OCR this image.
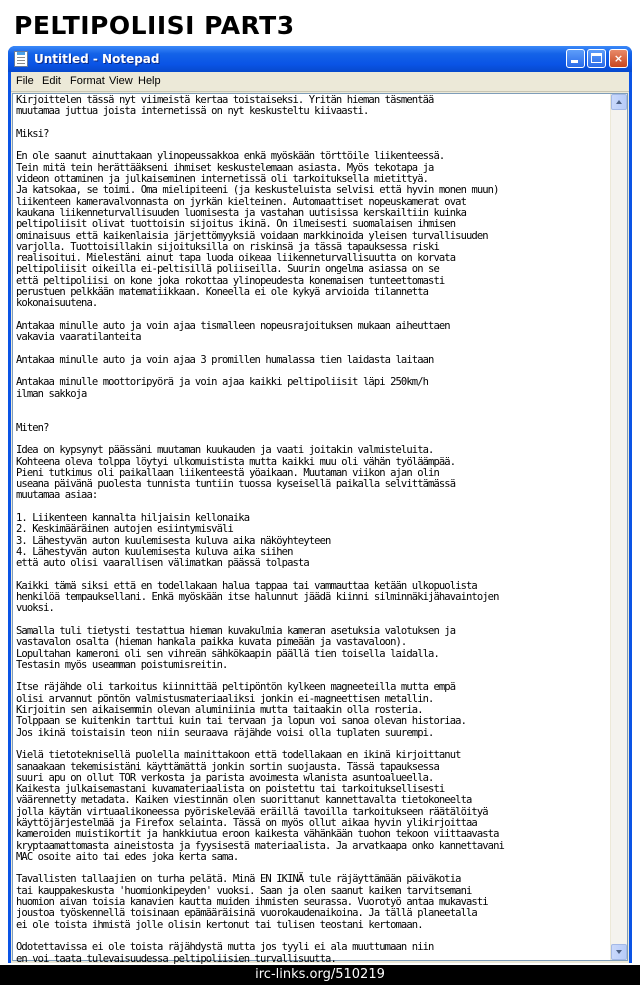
PELTIPOLIISI PART3
Untitled - Notepad	×
File Edit Format View Help
Kirjoittelen tässä nyt viimeistä kertaa toistaiseksi. Yritän hieman täsmentää
muutamaa juttua joista internetissä on nyt keskusteltu kiivaasti.
Miksi?
En ole saanut ainuttakaan ylinopeussakkoa enkä myöskään törttöile liikenteessä.
Tein mitä tein herättääkseni ihmiset keskustelemaan asiasta. Myös tekotapa ja
videon ottaminen ja julkaiseminen internetissä oli tarkoituksella mietittyä.
Ja katsokaa, se toimi. Oma mielipiteeni (ja keskusteluista selvisi että hyvin monen muun)
liikenteen kameravalvonnasta on jyrkän kielteinen. Automaattiset nopeuskamerat ovat
kaukana liikenneturvallisuuden luomisesta ja vastahan uutisissa kerskailtiin kuinka
peltipoliisit olivat tuottoisin sijoitus ikinä. On ilmeisesti suomalaisen ihmisen
ominaisuus että kaikenlaisia järjettömyyksiä voidaan markkinoida yleisen turvallisuuden
varjolla. Tuottoisillakin sijoituksilla on riskinsä ja tässä tapauksessa riski
realisoitui. Mielestäni ainut tapa luoda oikeaa liikenneturvallisuutta on korvata
peltipoliisit oikeilla ei-peltisillä poliiseilla. Suurin ongelma asiassa on se
että peltipoliisi on kone joka rokottaa ylinopeudesta konemaisen tunteettomasti
perustuen pelkkään matematiikkaan. Koneella ei ole kykyä arvioida tilannetta
kokonaisuutena.
Antakaa minulle auto ja voin ajaa tismalleen nopeusrajoituksen mukaan aiheuttaen
vakavia vaaratilanteita
Antakaa minulle auto ja voin ajaa 3 promillen humalassa tien laidasta laitaan
Antakaa minulle moottoripyörä ja voin ajaa kaikki peltipoliisit läpi 250km/h
ilman sakkoja
Miten?
Idea on kypsynyt päässäni muutaman kuukauden ja vaati joitakin valmisteluita.
Kohteena oleva tolppa löytyi ulkomuistista mutta kaikki muu oli vähän työläämpää.
Pieni tutkimus oli paikallaan liikenteestä yöaikaan. Muutaman viikon ajan olin
useana päivänä puolesta tunnista tuntiin tuossa kyseisellä paikalla selvittämässä
muutamaa asiaa:
1. Liikenteen kannalta hiljaisin kellonaika
2. Keskimääräinen autojen esiintymisväli
3. Lähestyvän auton kuulemisesta kuluva aika näköyhteyteen
4. Lähestyvän auton kuulemisesta kuluva aika siihen
että auto olisi vaarallisen välimatkan päässä tolpasta
Kaikki tämä siksi että en todellakaan halua tappaa tai vammauttaa ketään ulkopuolista
henkilöä tempauksellani. Enkä myöskään itse halunnut jäädä kiinni silminnäkijähavaintojen
vuoksi.
Samalla tuli tietysti testattua hieman kuvakulmia kameran asetuksia valotuksen ja
vastavalon osalta (hieman hankala paikka kuvata pimeään ja vastavaloon).
Lopultahan kameroni oli sen vihreän sähkökaapin päällä tien toisella laidalla.
Testasin myös useamman poistumisreitin.
Itse räjähde oli tarkoitus kiinnittää peltipöntön kylkeen magneeteilla mutta empä
olisi arvannut pöntön valmistusmateriaaliksi jonkin ei-magneettisen metallin.
Kirjoitin sen aikaisemmin olevan aluminiinia mutta taitaakin olla rosteria.
Tolppaan se kuitenkin tarttui kuin tai tervaan ja lopun voi sanoa olevan historiaa.
Jos ikinä toistaisin teon niin seuraava räjähde voisi olla tuplaten suurempi.
Vielä tietoteknisellä puolella mainittakoon että todellakaan en ikinä kirjoittanut
sanaakaan tekemisistäni käyttämättä jonkin sortin suojausta. Tässä tapauksessa
suuri apu on ollut TOR verkosta ja parista avoimesta wlanista asuntoalueella.
Kaikesta julkaisemastani kuvamateriaalista on poistettu tai tarkoituksellisesti
väärennetty metadata. Kaiken viestinnän olen suorittanut kannettavalta tietokoneelta
jolla käytän virtuaalikoneessa pyöriskelevää eräillä tavoilla tarkoitukseen räätälöityä
käyttöjärjestelmää ja Firefox selainta. Tässä on myös ollut aikaa hyvin ylikirjoittaa
kameroiden muistikortit ja hankkiutua eroon kaikesta vähänkään tuohon tekoon viittaavasta
kryptaamattomasta aineistosta ja fyysisestä materiaalista. Ja arvatkaapa onko kannettavani
MAC osoite aito tai edes joka kerta sama.
Tavallisten tallaajien on turha pelätä. Minä EN IKINÄ tule räjäyttämään päiväkotia
tai kauppakeskusta 'huomionkipeyden' vuoksi. Saan ja olen saanut kaiken tarvitsemani
huomion aivan toisia kanavien kautta muiden ihmisten seurassa. Vuorotyö antaa mukavasti
joustoa työskennellä toisinaan epämääräisinä vuorokaudenaikoina. Ja tällä planeetalla
ei ole toista ihmistä jolle olisin kertonut tai tulisen teostani kertomaan.
Odotettavissa ei ole toista räjähdystä mutta jos tyyli ei ala muuttumaan niin
en voi taata tulevaisuudessa peltipoliisien turvallisuutta.
irc-links.org/510219
